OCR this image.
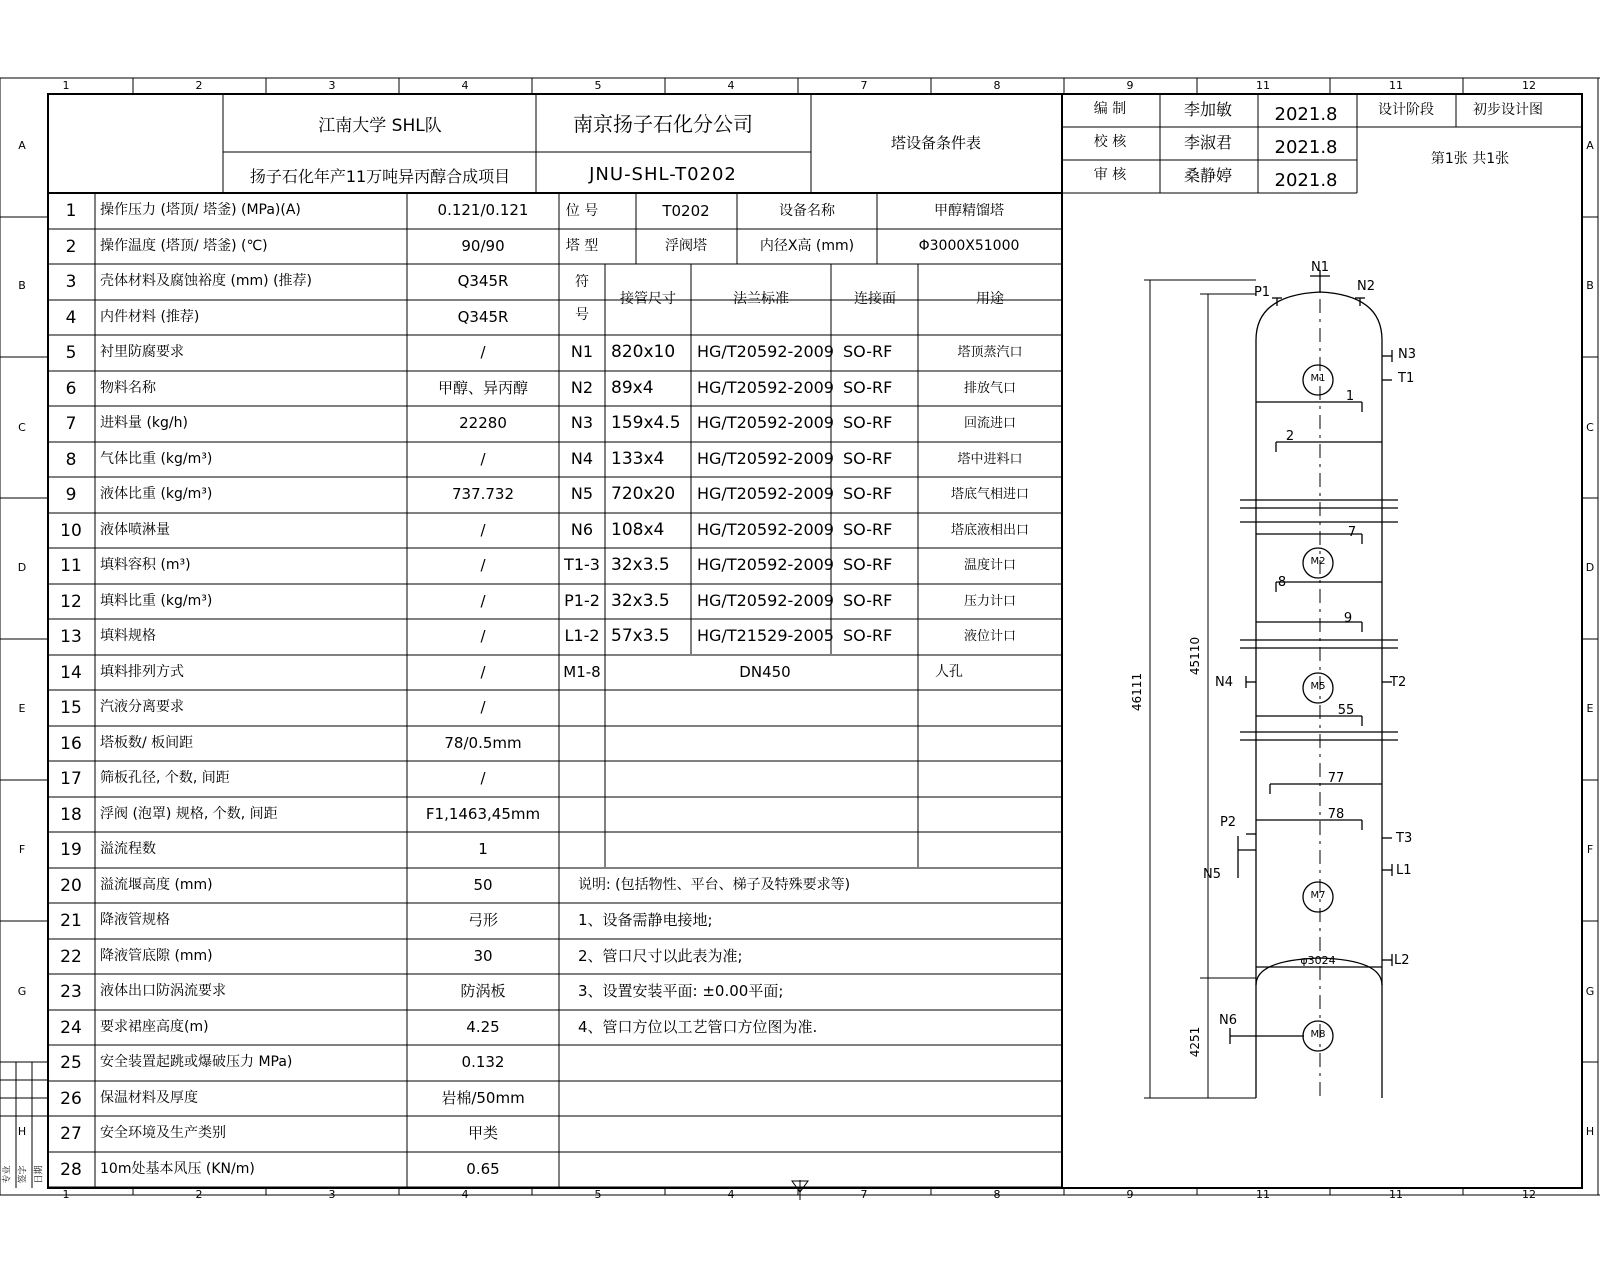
1	2	3	4	5	4	7	8	9	11	11	12
1	2	3	4	5	4	7	8	9	11	11	12
A
B
C
D
E
F
G
H
A
B
C
D
E
F
G
H
江南大学 SHL队	南京扬子石化分公司
扬子石化年产11万吨异丙醇合成项目	JNU-SHL-T0202
塔设备条件表
编 制	李加敏 2021.8
校 核	李淑君 2021.8
审 核	桑静婷 2021.8
设计阶段	初步设计图
第1张 共1张
1 操作压力 (塔顶/ 塔釜) (MPa)(A)	0.121/0.121
2 操作温度 (塔顶/ 塔釜) (℃)	90/90
3 壳体材料及腐蚀裕度 (mm) (推荐)	Q345R
4 内件材料 (推荐)	Q345R
5 衬里防腐要求	/
6 物料名称	甲醇、异丙醇
7 进料量 (kg/h)	22280
8 气体比重 (kg/m³)	/
9 液体比重 (kg/m³)	737.732
10 液体喷淋量	/
11 填料容积 (m³)	/
12 填料比重 (kg/m³)	/
13 填料规格	/
14 填料排列方式	/
15 汽液分离要求	/
16 塔板数/ 板间距	78/0.5mm
17 筛板孔径, 个数, 间距	/
18 浮阀 (泡罩) 规格, 个数, 间距	F1,1463,45mm
19 溢流程数	1
20 溢流堰高度 (mm)	50
21 降液管规格	弓形
22 降液管底隙 (mm)	30
23 液体出口防涡流要求	防涡板
24 要求裙座高度(m)	4.25
25 安全装置起跳或爆破压力 MPa)	0.132
26 保温材料及厚度	岩棉/50mm
27 安全环境及生产类别	甲类
28 10m处基本风压 (KN/m)	0.65
位 号	T0202	设备名称	甲醇精馏塔
塔 型	浮阀塔	内径X高 (mm)	Φ3000X51000
符
号
接管尺寸	法兰标准	连接面	用途
N1 820x10 HG/T20592-2009 SO-RF	塔顶蒸汽口
N2 89x4	HG/T20592-2009 SO-RF	排放气口
N3 159x4.5 HG/T20592-2009 SO-RF	回流进口
N4 133x4 HG/T20592-2009 SO-RF	塔中进料口
N5 720x20 HG/T20592-2009 SO-RF	塔底气相进口
N6 108x4 HG/T20592-2009 SO-RF	塔底液相出口
T1-3 32x3.5 HG/T20592-2009 SO-RF	温度计口
P1-2 32x3.5 HG/T20592-2009 SO-RF	压力计口
L1-2 57x3.5 HG/T21529-2005 SO-RF	液位计口
M1-8	DN450	人孔
说明: (包括物性、平台、梯子及特殊要求等)
1、设备需静电接地;
2、管口尺寸以此表为准;
3、设置安装平面: ±0.00平面;
4、管口方位以工艺管口方位图为准.
N1
N2
P1
N3
T1
T2
T3
L1
L2
N4
P2
N5
N6
M1
M2
M5
M7
M8
1
2
7
8
9
55
77
78
46111
45110
4251
φ3024
专业 签字 日期
